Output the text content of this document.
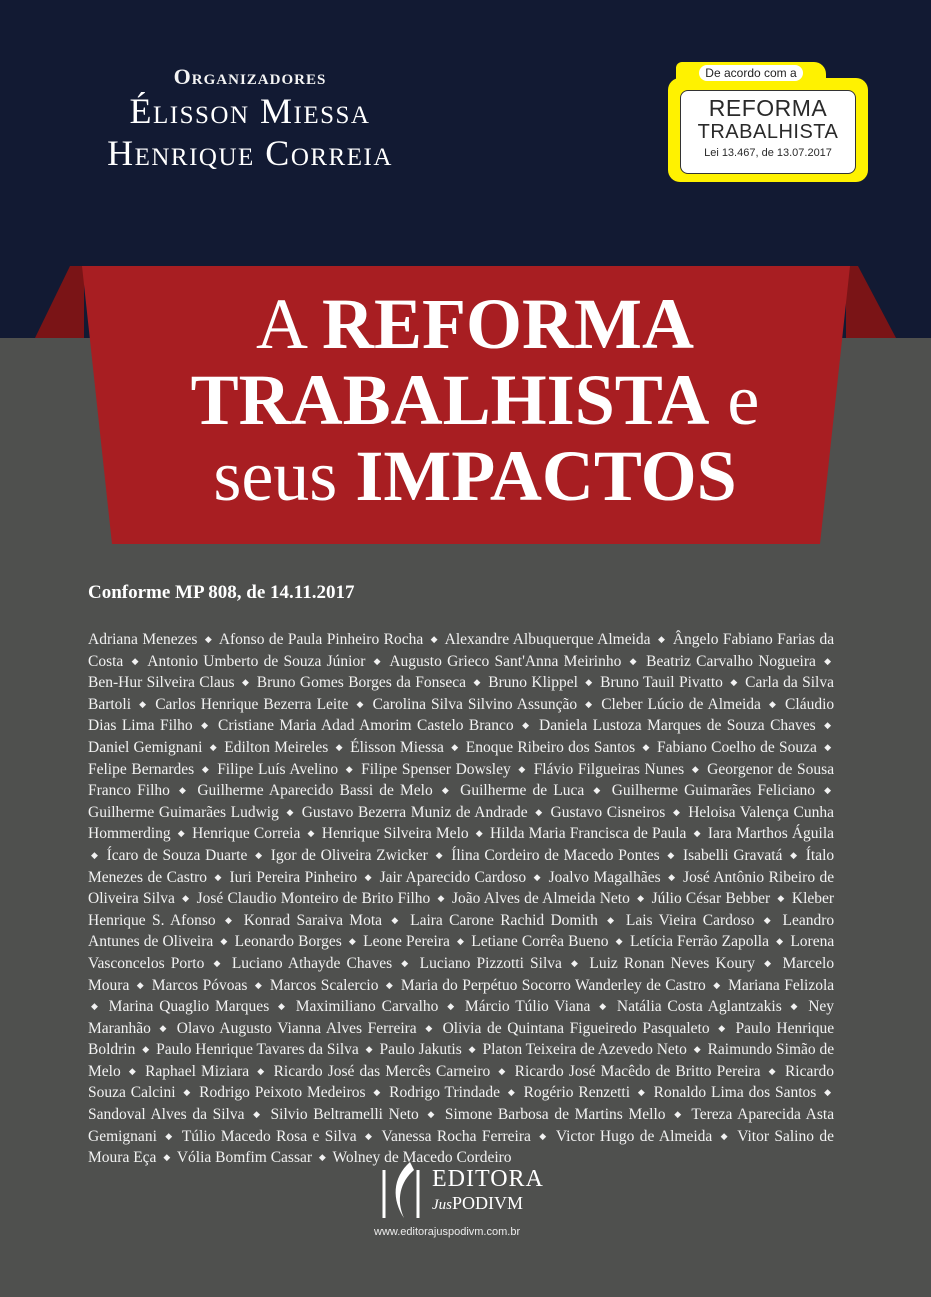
Organizadores
Élisson Miessa
Henrique Correia
De acordo com a
REFORMA
TRABALHISTA
Lei 13.467, de 13.07.2017
A REFORMA
TRABALHISTA e
seus IMPACTOS
Conforme MP 808, de 14.11.2017
Adriana Menezes ◆ Afonso de Paula Pinheiro Rocha ◆ Alexandre Albuquerque Almeida ◆ Ângelo Fabiano Farias da Costa ◆ Antonio Umberto de Souza Júnior ◆ Augusto Grieco Sant'Anna Meirinho ◆ Beatriz Carvalho Nogueira ◆ Ben-Hur Silveira Claus ◆ Bruno Gomes Borges da Fonseca ◆ Bruno Klippel ◆ Bruno Tauil Pivatto ◆ Carla da Silva Bartoli ◆ Carlos Henrique Bezerra Leite ◆ Carolina Silva Silvino Assunção ◆ Cleber Lúcio de Almeida ◆ Cláudio Dias Lima Filho ◆ Cristiane Maria Adad Amorim Castelo Branco ◆ Daniela Lustoza Marques de Souza Chaves ◆ Daniel Gemignani ◆ Edilton Meireles ◆ Élisson Miessa ◆ Enoque Ribeiro dos Santos ◆ Fabiano Coelho de Souza ◆ Felipe Bernardes ◆ Filipe Luís Avelino ◆ Filipe Spenser Dowsley ◆ Flávio Filgueiras Nunes ◆ Georgenor de Sousa Franco Filho ◆ Guilherme Aparecido Bassi de Melo ◆ Guilherme de Luca ◆ Guilherme Guimarães Feliciano ◆ Guilherme Guimarães Ludwig ◆ Gustavo Bezerra Muniz de Andrade ◆ Gustavo Cisneiros ◆ Heloisa Valença Cunha Hommerding ◆ Henrique Correia ◆ Henrique Silveira Melo ◆ Hilda Maria Francisca de Paula ◆ Iara Marthos Águila ◆ Ícaro de Souza Duarte ◆ Igor de Oliveira Zwicker ◆ Ílina Cordeiro de Macedo Pontes ◆ Isabelli Gravatá ◆ Ítalo Menezes de Castro ◆ Iuri Pereira Pinheiro ◆ Jair Aparecido Cardoso ◆ Joalvo Magalhães ◆ José Antônio Ribeiro de Oliveira Silva ◆ José Claudio Monteiro de Brito Filho ◆ João Alves de Almeida Neto ◆ Júlio César Bebber ◆ Kleber Henrique S. Afonso ◆ Konrad Saraiva Mota ◆ Laira Carone Rachid Domith ◆ Lais Vieira Cardoso ◆ Leandro Antunes de Oliveira ◆ Leonardo Borges ◆ Leone Pereira ◆ Letiane Corrêa Bueno ◆ Letícia Ferrão Zapolla ◆ Lorena Vasconcelos Porto ◆ Luciano Athayde Chaves ◆ Luciano Pizzotti Silva ◆ Luiz Ronan Neves Koury ◆ Marcelo Moura ◆ Marcos Póvoas ◆ Marcos Scalercio ◆ Maria do Perpétuo Socorro Wanderley de Castro ◆ Mariana Felizola ◆ Marina Quaglio Marques ◆ Maximiliano Carvalho ◆ Márcio Túlio Viana ◆ Natália Costa Aglantzakis ◆ Ney Maranhão ◆ Olavo Augusto Vianna Alves Ferreira ◆ Olivia de Quintana Figueiredo Pasqualeto ◆ Paulo Henrique Boldrin ◆ Paulo Henrique Tavares da Silva ◆ Paulo Jakutis ◆ Platon Teixeira de Azevedo Neto ◆ Raimundo Simão de Melo ◆ Raphael Miziara ◆ Ricardo José das Mercês Carneiro ◆ Ricardo José Macêdo de Britto Pereira ◆ Ricardo Souza Calcini ◆ Rodrigo Peixoto Medeiros ◆ Rodrigo Trindade ◆ Rogério Renzetti ◆ Ronaldo Lima dos Santos ◆ Sandoval Alves da Silva ◆ Silvio Beltramelli Neto ◆ Simone Barbosa de Martins Mello ◆ Tereza Aparecida Asta Gemignani ◆ Túlio Macedo Rosa e Silva ◆ Vanessa Rocha Ferreira ◆ Victor Hugo de Almeida ◆ Vitor Salino de Moura Eça ◆ Vólia Bomfim Cassar ◆ Wolney de Macedo Cordeiro
EDITORA
JusPODIVM
www.editorajuspodivm.com.br
